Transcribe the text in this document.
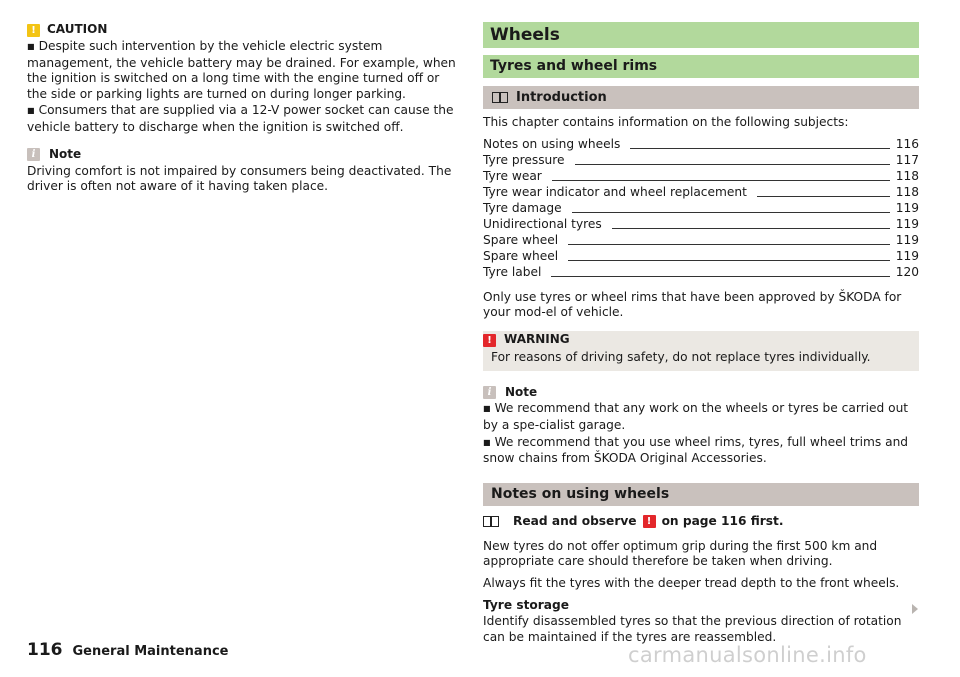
! CAUTION
■ Despite such intervention by the vehicle electric system management, the vehicle battery may be drained. For example, when the ignition is switched on a long time with the engine turned off or the side or parking lights are turned on during longer parking.
■ Consumers that are supplied via a 12-V power socket can cause the vehicle battery to discharge when the ignition is switched off.
i	Note
Driving comfort is not impaired by consumers being deactivated. The driver is often not aware of it having taken place.
Wheels
Tyres and wheel rims
Introduction
This chapter contains information on the following subjects:
Notes on using wheels	116
Tyre pressure	117
Tyre wear	118
Tyre wear indicator and wheel replacement	118
Tyre damage	119
Unidirectional tyres	119
Spare wheel	119
Spare wheel	119
Tyre label	120
Only use tyres or wheel rims that have been approved by ŠKODA for your mod-el of vehicle.
!	WARNING
For reasons of driving safety, do not replace tyres individually.
i	Note
■ We recommend that any work on the wheels or tyres be carried out by a spe-cialist garage.
■ We recommend that you use wheel rims, tyres, full wheel trims and snow chains from ŠKODA Original Accessories.
Notes on using wheels
Read and observe	! on page 116 first.
New tyres do not offer optimum grip during the first 500 km and appropriate care should therefore be taken when driving.
Always fit the tyres with the deeper tread depth to the front wheels.
Tyre storage
Identify disassembled tyres so that the previous direction of rotation can be maintained if the tyres are reassembled.
116 General Maintenance	carmanualsonline.info
